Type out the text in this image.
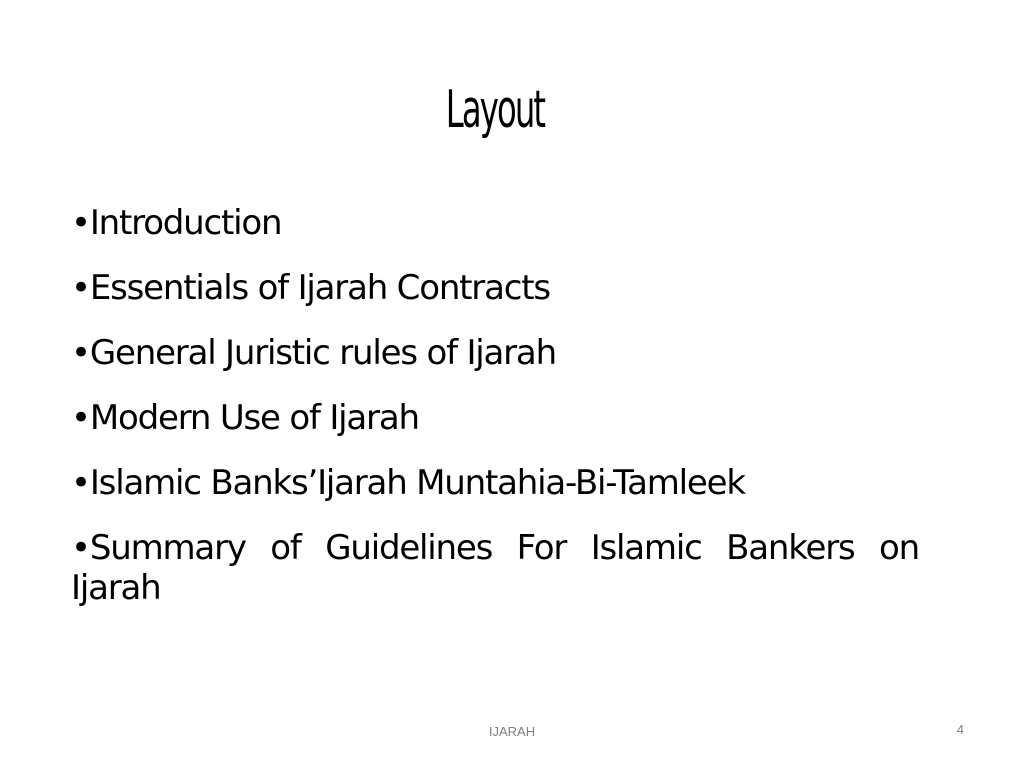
Layout
•Introduction
•Essentials of Ijarah Contracts
•General Juristic rules of Ijarah
•Modern Use of Ijarah
•Islamic Banks’Ijarah Muntahia-Bi-Tamleek
•Summary of Guidelines For Islamic Bankers on Ijarah
IJARAH	4
